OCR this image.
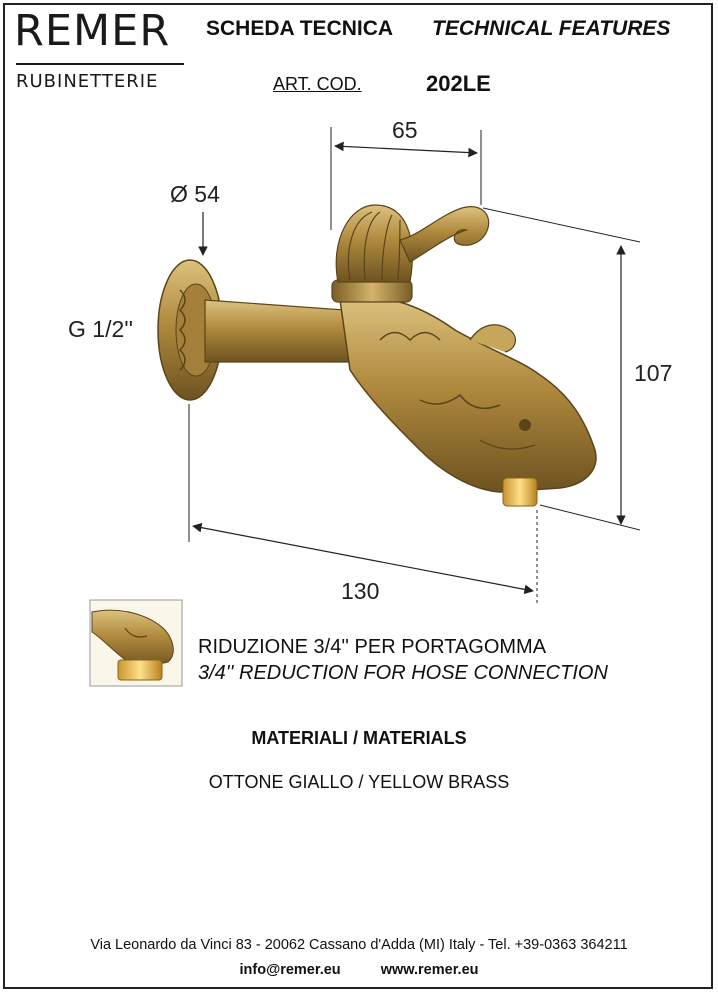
REMER
RUBINETTERIE
SCHEDA TECNICA TECHNICAL FEATURES
ART. COD.	202LE
65
Ø 54
G 1/2''
107
130
RIDUZIONE 3/4'' PER PORTAGOMMA
3/4'' REDUCTION FOR HOSE CONNECTION
MATERIALI / MATERIALS
OTTONE GIALLO / YELLOW BRASS
Via Leonardo da Vinci 83 - 20062 Cassano d'Adda (MI) Italy - Tel. +39-0363 364211
info@remer.eu	www.remer.eu
